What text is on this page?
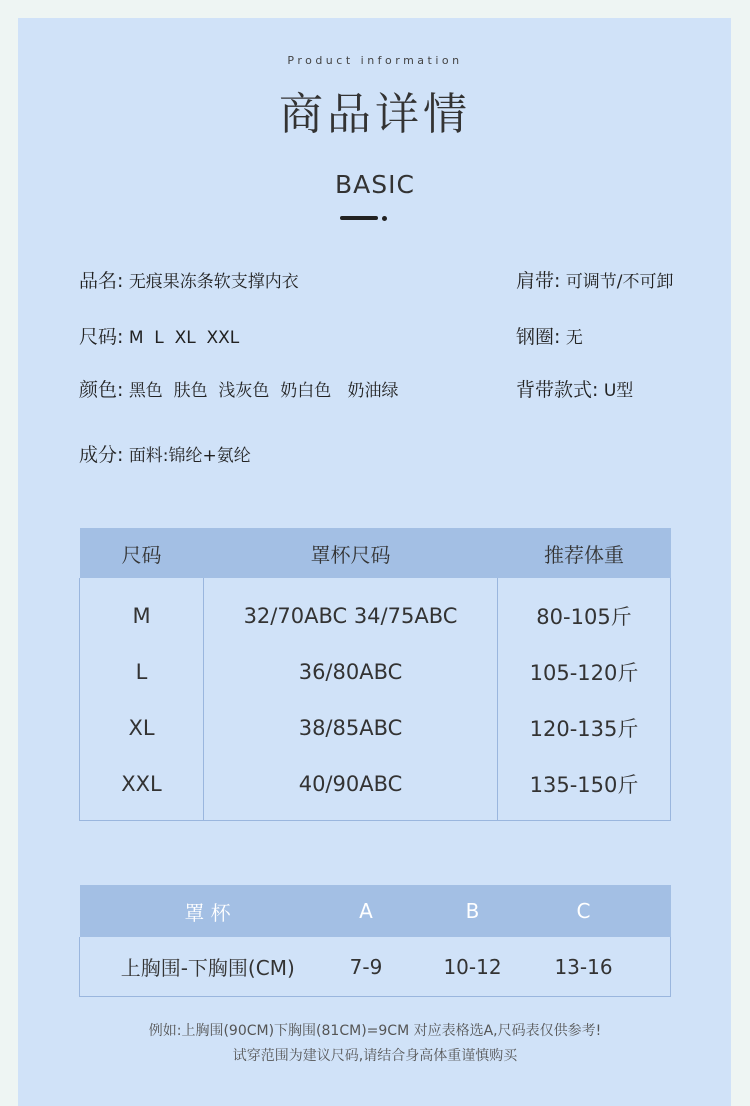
Product information
商品详情
BASIC
品名: 无痕果冻条软支撑内衣	肩带: 可调节/不可卸
尺码: M  L  XL  XXL	钢圈: 无
颜色: 黑色  肤色  浅灰色  奶白色   奶油绿	背带款式: U型
成分: 面料:锦纶+氨纶
尺码	罩杯尺码	推荐体重
M	32/70ABC 34/75ABC	80-105斤
L	36/80ABC	105-120斤
XL	38/85ABC	120-135斤
XXL	40/90ABC	135-150斤
罩 杯	A	B	C	
上胸围-下胸围(CM)	7-9	10-12	13-16	
例如:上胸围(90CM)下胸围(81CM)=9CM 对应表格选A,尺码表仅供参考!
试穿范围为建议尺码,请结合身高体重谨慎购买
